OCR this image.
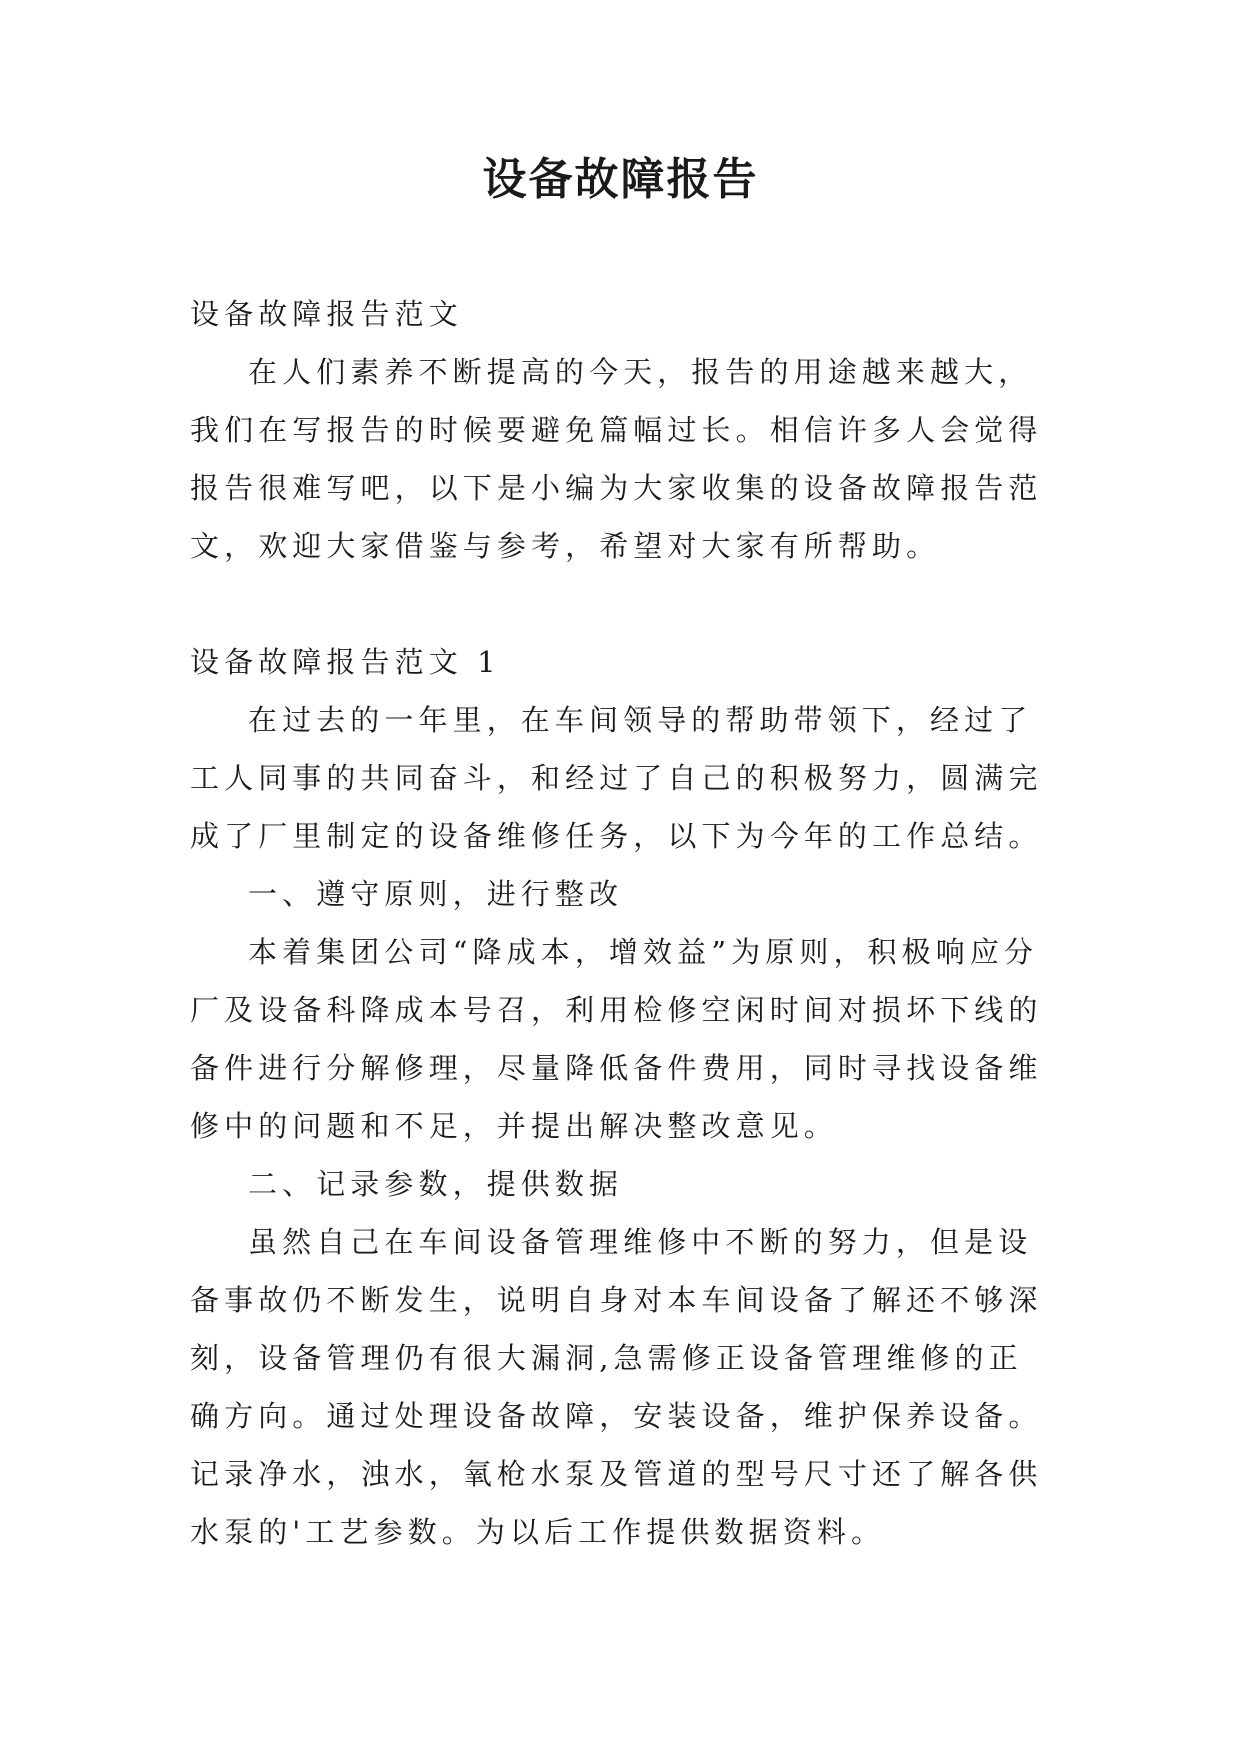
设备故障报告

设备故障报告范文

在人们素养不断提高的今天，报告的用途越来越大，我们在写报告的时候要避免篇幅过长。相信许多人会觉得报告很难写吧，以下是小编为大家收集的设备故障报告范文，欢迎大家借鉴与参考，希望对大家有所帮助。

设备故障报告范文 1

在过去的一年里，在车间领导的帮助带领下，经过了工人同事的共同奋斗，和经过了自己的积极努力，圆满完成了厂里制定的设备维修任务，以下为今年的工作总结。

一、遵守原则，进行整改

本着集团公司“降成本，增效益”为原则，积极响应分厂及设备科降成本号召，利用检修空闲时间对损坏下线的备件进行分解修理，尽量降低备件费用，同时寻找设备维修中的问题和不足，并提出解决整改意见。

二、记录参数，提供数据

虽然自己在车间设备管理维修中不断的努力，但是设备事故仍不断发生，说明自身对本车间设备了解还不够深刻，设备管理仍有很大漏洞,急需修正设备管理维修的正确方向。通过处理设备故障，安装设备，维护保养设备。记录净水，浊水，氧枪水泵及管道的型号尺寸还了解各供水泵的'工艺参数。为以后工作提供数据资料。
